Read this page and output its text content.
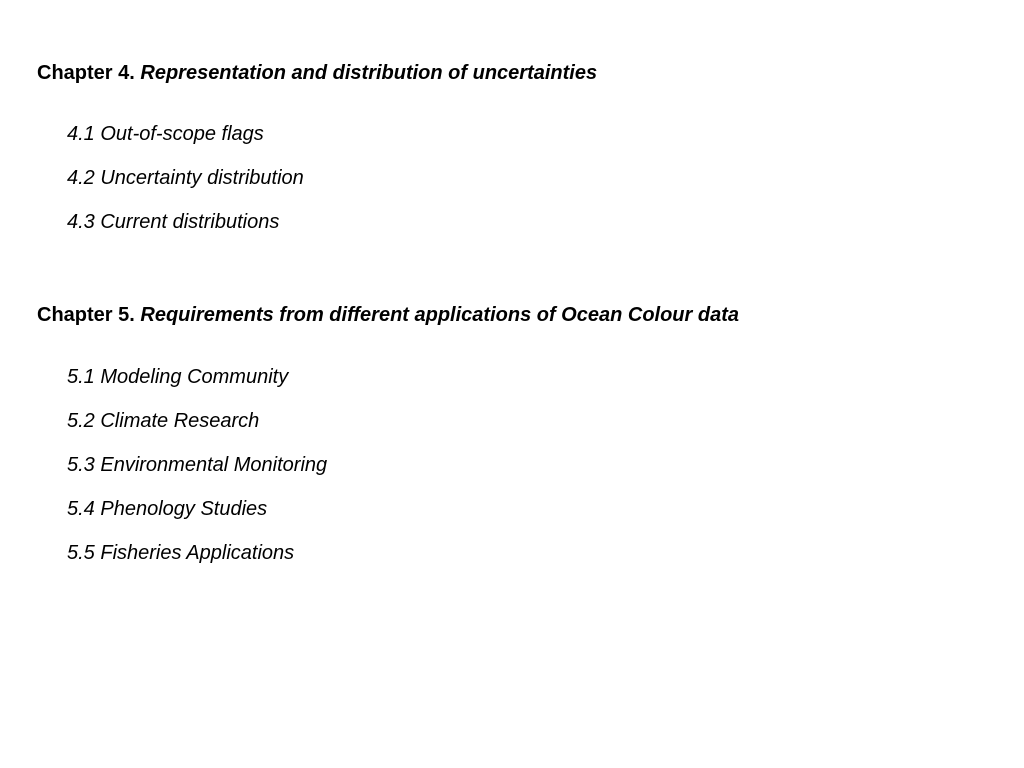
Chapter 4. Representation and distribution of uncertainties
4.1 Out-of-scope flags
4.2 Uncertainty distribution
4.3 Current distributions
Chapter 5. Requirements from different applications of Ocean Colour data
5.1 Modeling Community
5.2 Climate Research
5.3 Environmental Monitoring
5.4 Phenology Studies
5.5 Fisheries Applications
